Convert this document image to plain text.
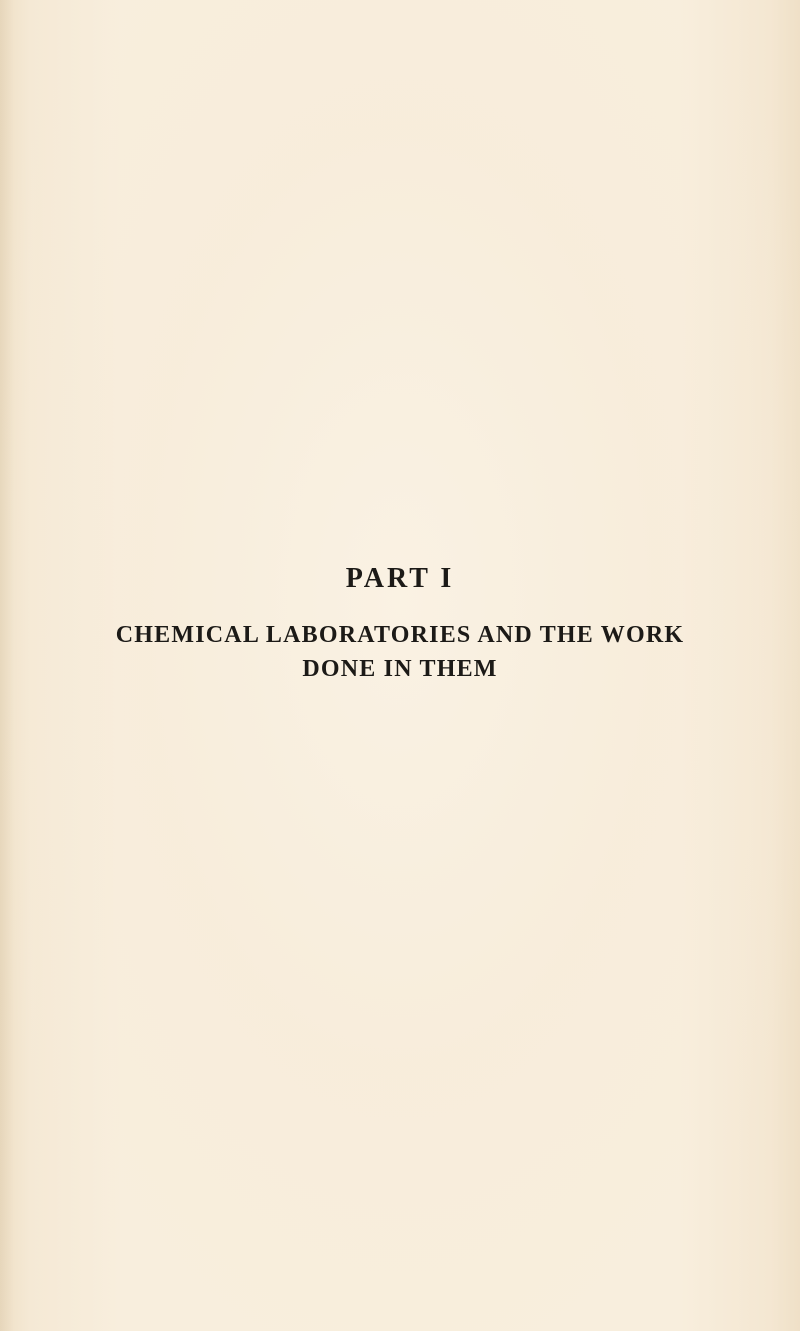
PART I
CHEMICAL LABORATORIES AND THE WORK
DONE IN THEM
